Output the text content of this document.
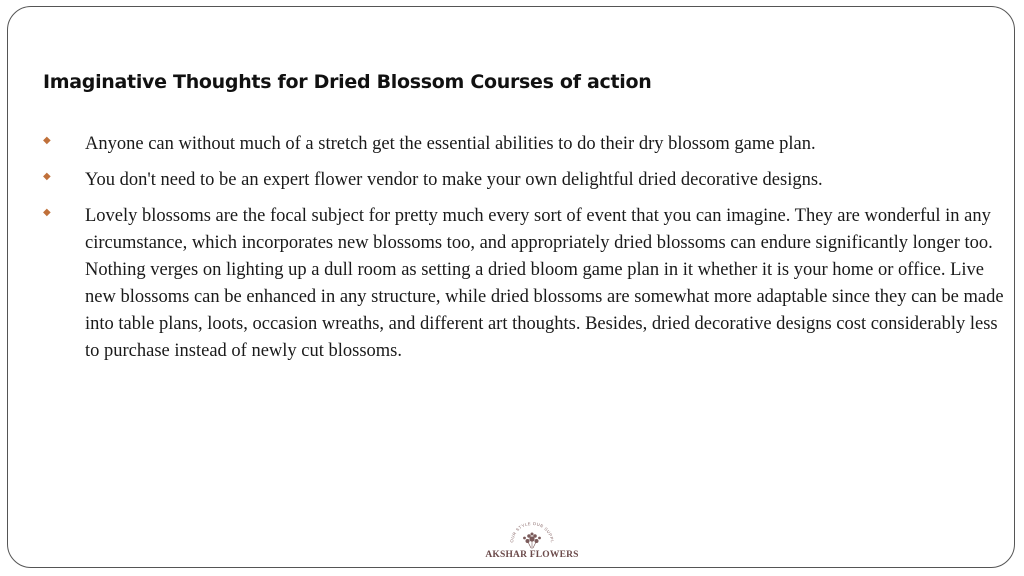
Imaginative Thoughts for Dried Blossom Courses of action
◆ Anyone can without much of a stretch get the essential abilities to do their dry blossom game plan.
◆ You don't need to be an expert flower vendor to make your own delightful dried decorative designs.
◆ Lovely blossoms are the focal subject for pretty much every sort of event that you can imagine. They are wonderful in any circumstance, which incorporates new blossoms too, and appropriately dried blossoms can endure significantly longer too. Nothing verges on lighting up a dull room as setting a dried bloom game plan in it whether it is your home or office. Live new blossoms can be enhanced in any structure, while dried blossoms are somewhat more adaptable since they can be made into table plans, loots, occasion wreaths, and different art thoughts. Besides, dried decorative designs cost considerably less to purchase instead of newly cut blossoms.
OUR STYLE OUR SUPPL
AKSHAR FLOWERS
